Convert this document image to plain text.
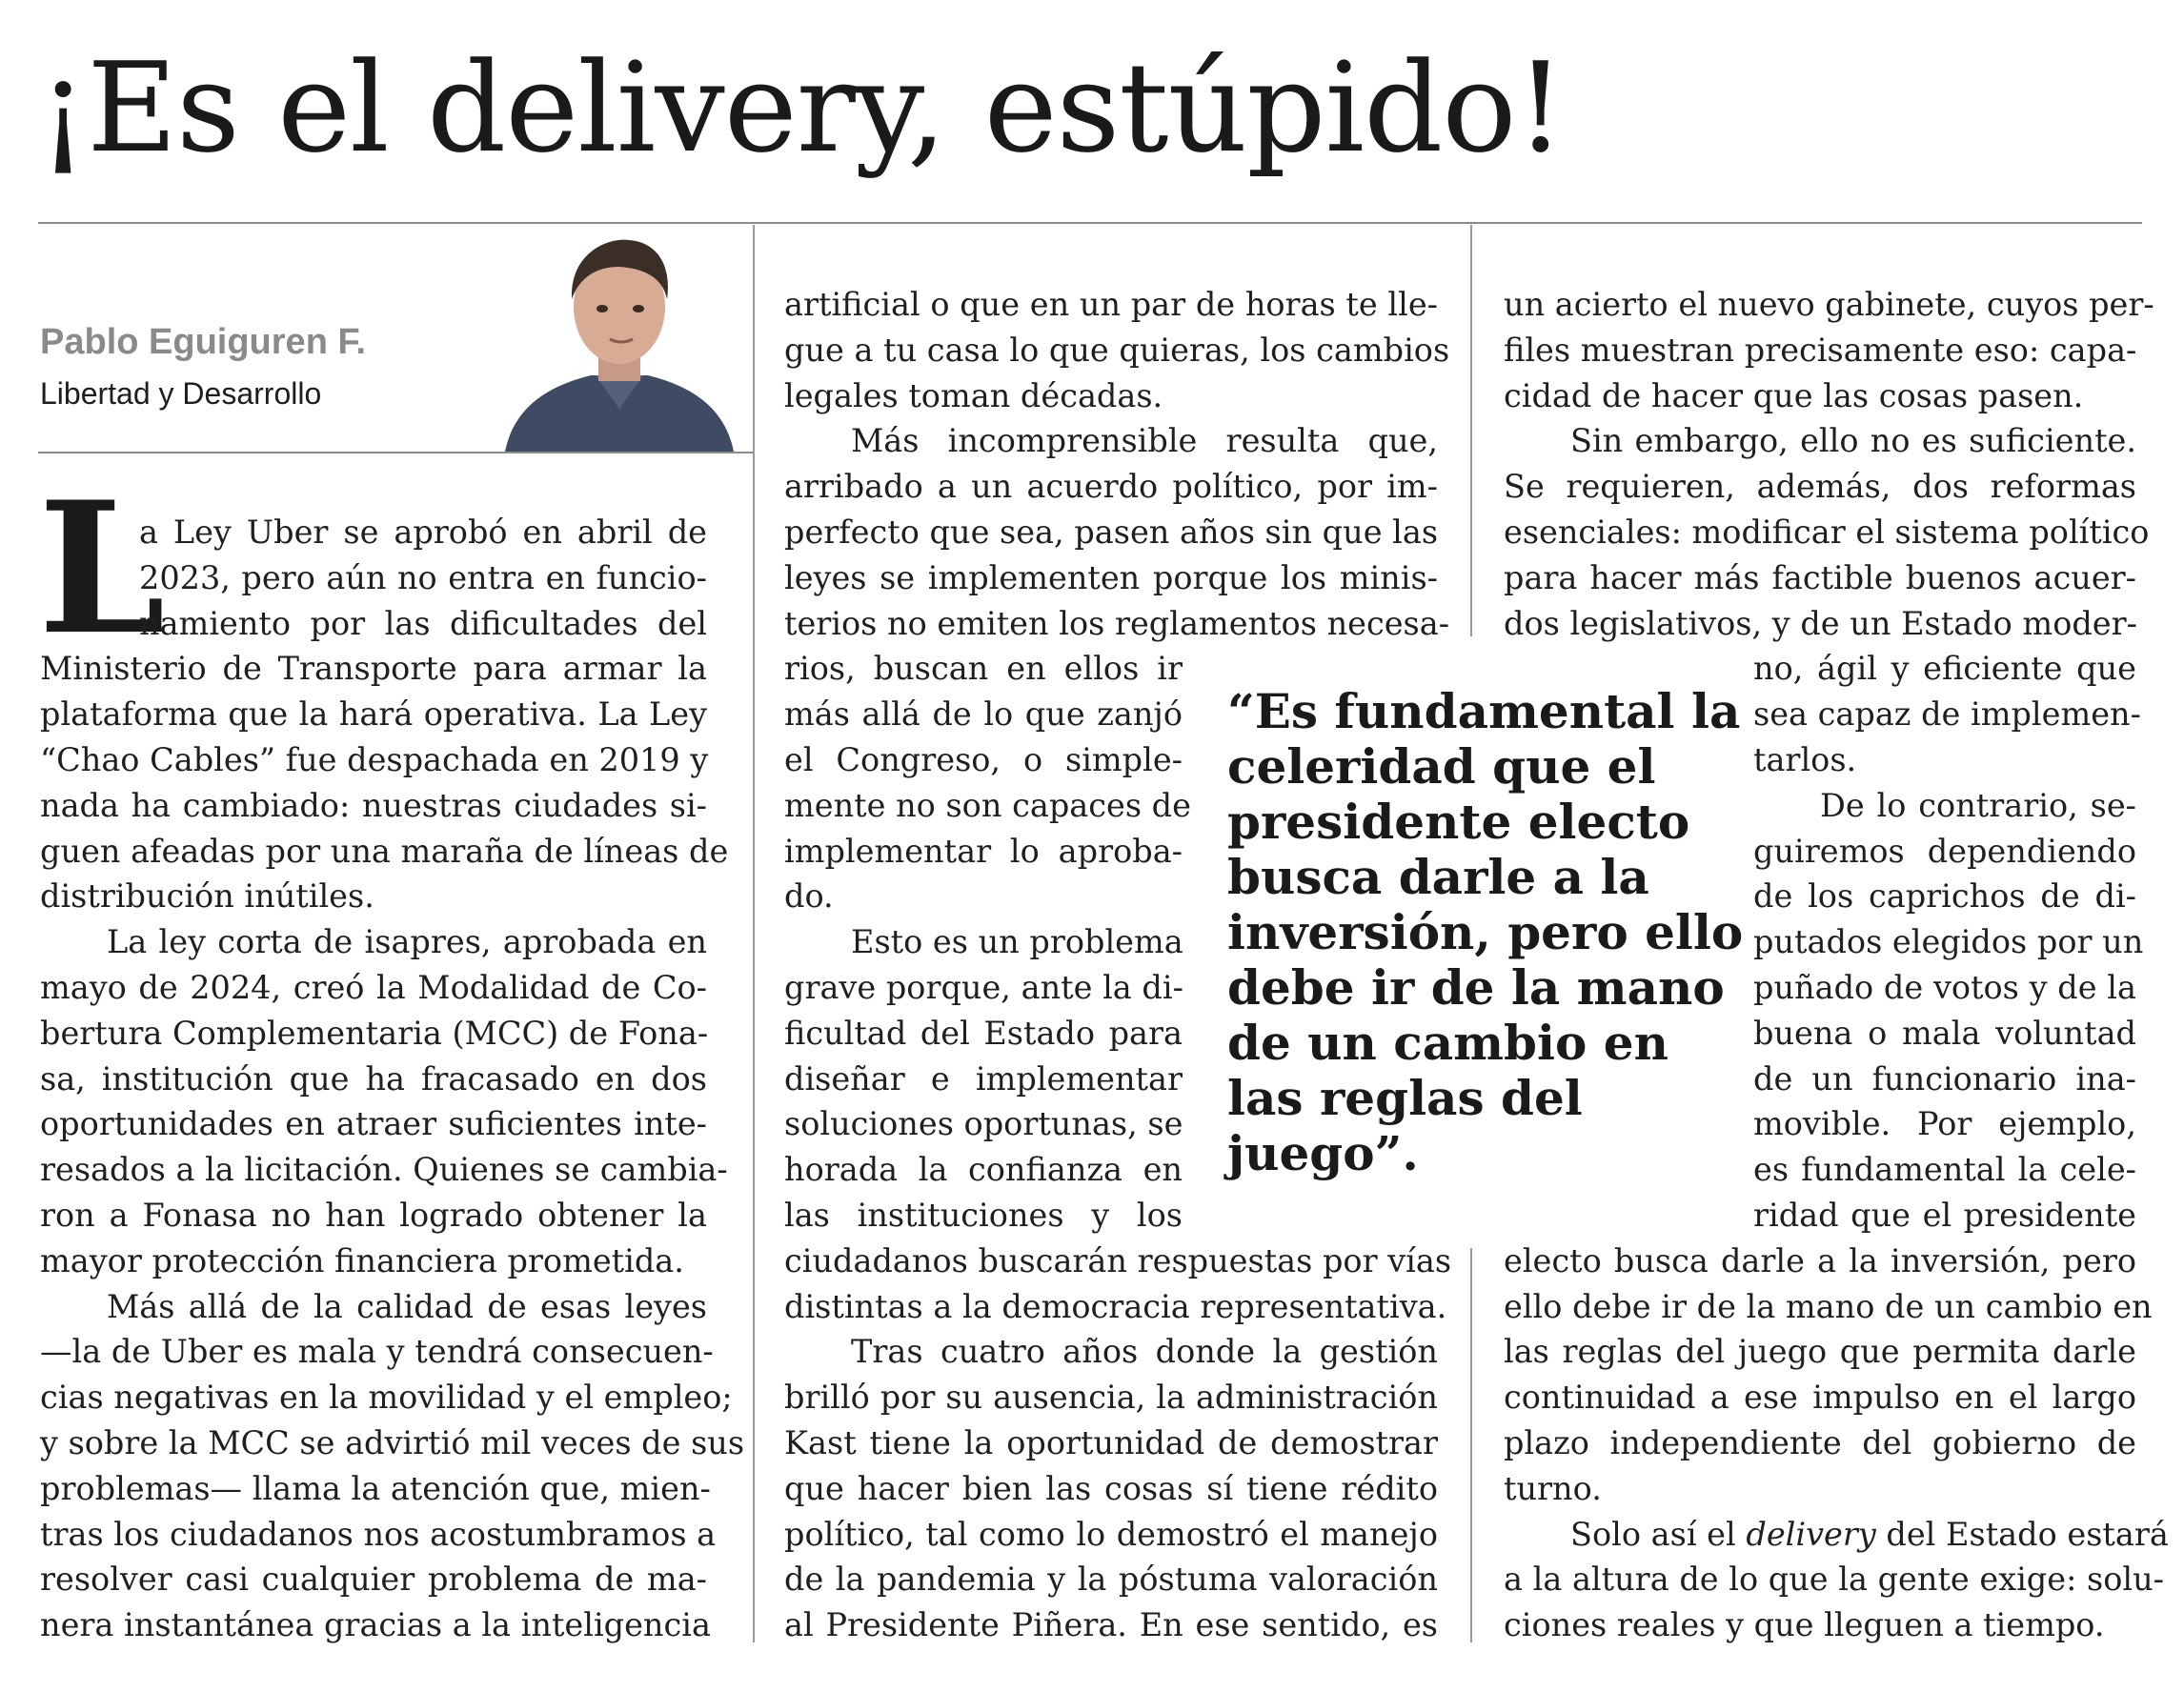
¡Es el delivery, estúpido!
Pablo Eguiguren F.
Libertad y Desarrollo
L
a Ley Uber se aprobó en abril de
2023, pero aún no entra en funcio-
namiento por las dificultades del
Ministerio de Transporte para armar la
plataforma que la hará operativa. La Ley
“Chao Cables” fue despachada en 2019 y
nada ha cambiado: nuestras ciudades si-
guen afeadas por una maraña de líneas de
distribución inútiles.
La ley corta de isapres, aprobada en
mayo de 2024, creó la Modalidad de Co-
bertura Complementaria (MCC) de Fona-
sa, institución que ha fracasado en dos
oportunidades en atraer suficientes inte-
resados a la licitación. Quienes se cambia-
ron a Fonasa no han logrado obtener la
mayor protección financiera prometida.
Más allá de la calidad de esas leyes
—la de Uber es mala y tendrá consecuen-
cias negativas en la movilidad y el empleo;
y sobre la MCC se advirtió mil veces de sus
problemas— llama la atención que, mien-
tras los ciudadanos nos acostumbramos a
resolver casi cualquier problema de ma-
nera instantánea gracias a la inteligencia
artificial o que en un par de horas te lle-
gue a tu casa lo que quieras, los cambios
legales toman décadas.
Más incomprensible resulta que,
arribado a un acuerdo político, por im-
perfecto que sea, pasen años sin que las
leyes se implementen porque los minis-
terios no emiten los reglamentos necesa-
rios, buscan en ellos ir
más allá de lo que zanjó
el Congreso, o simple-
mente no son capaces de
implementar lo aproba-
do.
Esto es un problema
grave porque, ante la di-
ficultad del Estado para
diseñar e implementar
soluciones oportunas, se
horada la confianza en
las instituciones y los
ciudadanos buscarán respuestas por vías
distintas a la democracia representativa.
Tras cuatro años donde la gestión
brilló por su ausencia, la administración
Kast tiene la oportunidad de demostrar
que hacer bien las cosas sí tiene rédito
político, tal como lo demostró el manejo
de la pandemia y la póstuma valoración
al Presidente Piñera. En ese sentido, es
“Es fundamental la
celeridad que el
presidente electo
busca darle a la
inversión, pero ello
debe ir de la mano
de un cambio en
las reglas del
juego”.
un acierto el nuevo gabinete, cuyos per-
files muestran precisamente eso: capa-
cidad de hacer que las cosas pasen.
Sin embargo, ello no es suficiente.
Se requieren, además, dos reformas
esenciales: modificar el sistema político
para hacer más factible buenos acuer-
dos legislativos, y de un Estado moder-
no, ágil y eficiente que
sea capaz de implemen-
tarlos.
De lo contrario, se-
guiremos dependiendo
de los caprichos de di-
putados elegidos por un
puñado de votos y de la
buena o mala voluntad
de un funcionario ina-
movible. Por ejemplo,
es fundamental la cele-
ridad que el presidente
electo busca darle a la inversión, pero
ello debe ir de la mano de un cambio en
las reglas del juego que permita darle
continuidad a ese impulso en el largo
plazo independiente del gobierno de
turno.
Solo así el delivery del Estado estará
a la altura de lo que la gente exige: solu-
ciones reales y que lleguen a tiempo.
